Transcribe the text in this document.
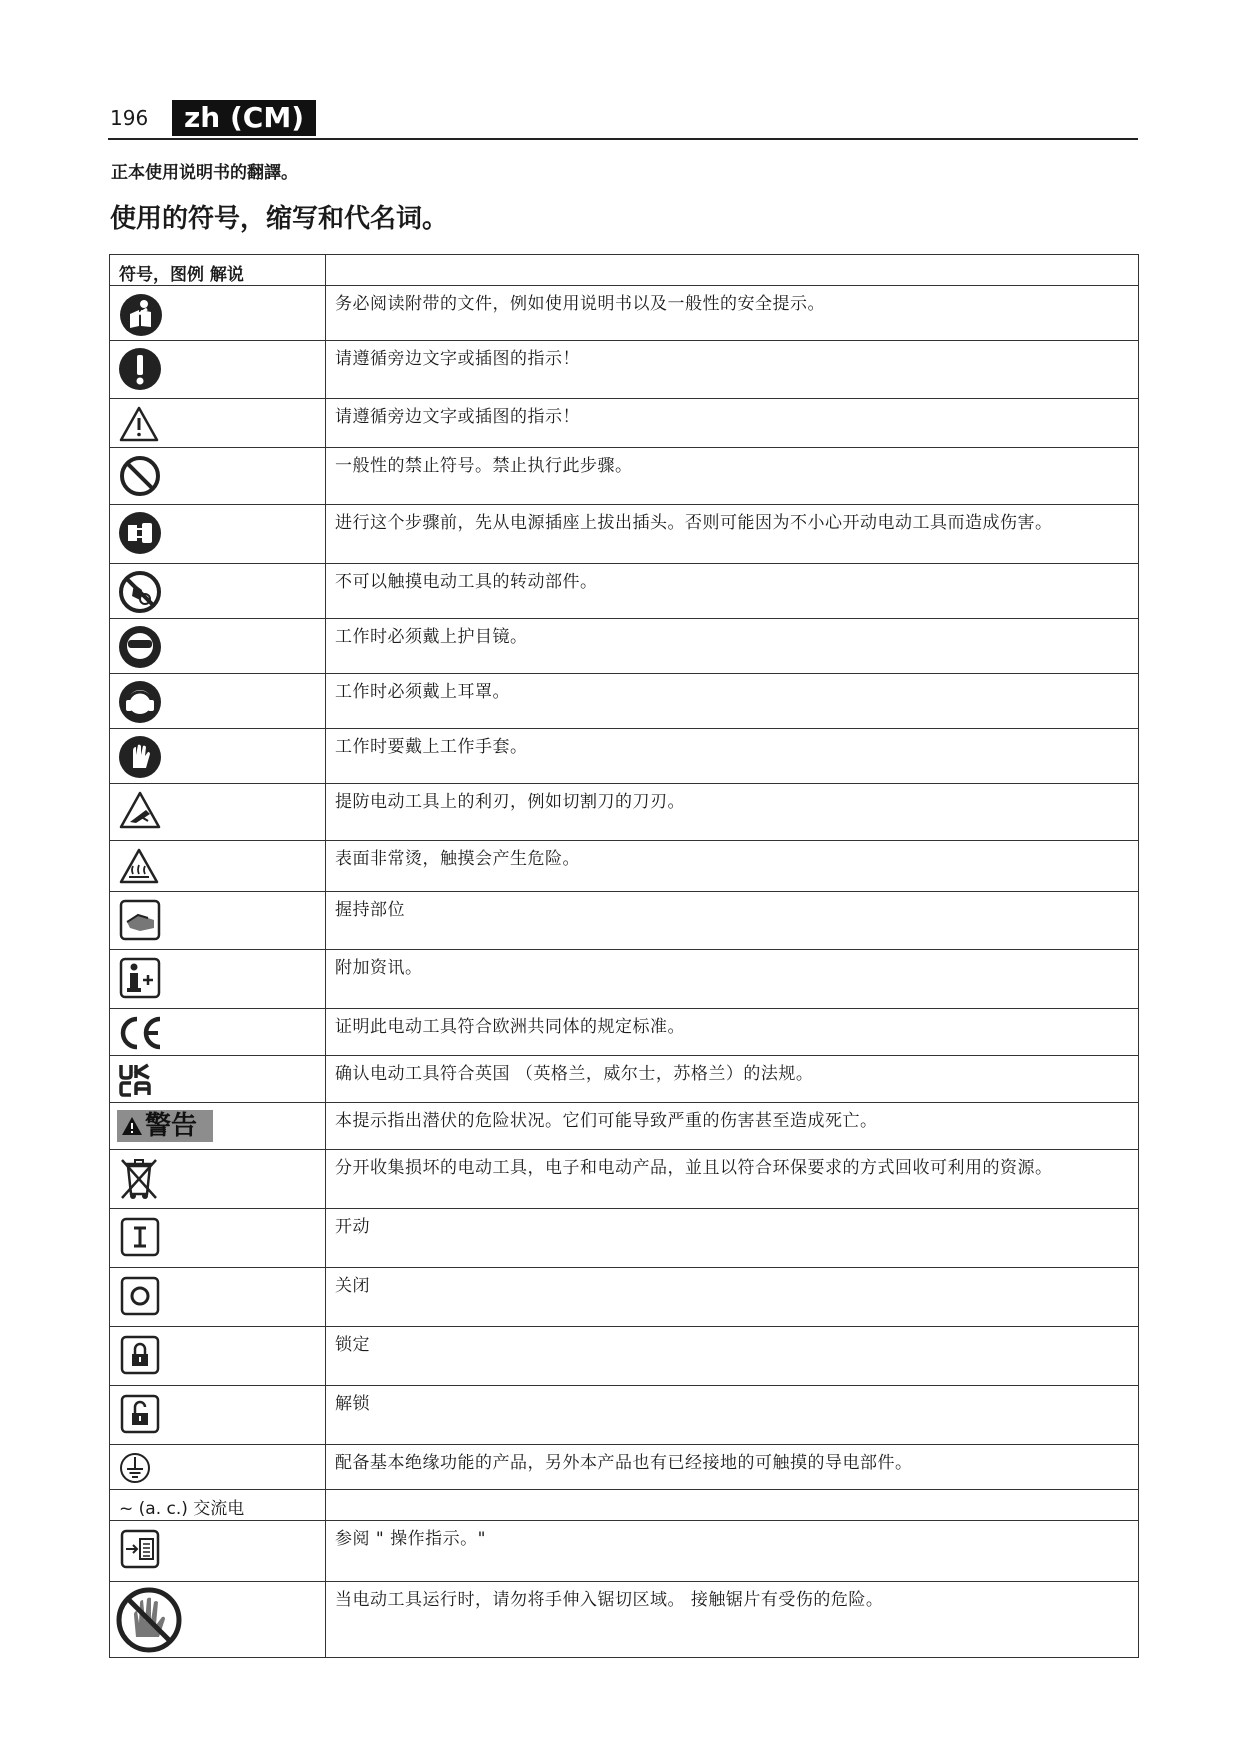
196	zh (CM)
正本使用说明书的翻譯。
使用的符号，缩写和代名词。
符号，图例 解说	

	务必阅读附带的文件，例如使用说明书以及一般性的安全提示。

	请遵循旁边文字或插图的指示！

	请遵循旁边文字或插图的指示！

	一般性的禁止符号。禁止执行此步骤。

	进行这个步骤前，先从电源插座上拔出插头。否则可能因为不小心开动电动工具而造成伤害。

	不可以触摸电动工具的转动部件。

	工作时必须戴上护目镜。

	工作时必须戴上耳罩。

	工作时要戴上工作手套。

	提防电动工具上的利刃，例如切割刀的刀刃。

	表面非常烫，触摸会产生危险。

	握持部位

	附加资讯。

	证明此电动工具符合欧洲共同体的规定标准。

	确认电动工具符合英国 （英格兰，威尔士，苏格兰）的法规。

警告	本提示指出潜伏的危险状况。它们可能导致严重的伤害甚至造成死亡。

	分开收集损坏的电动工具，电子和电动产品，並且以符合环保要求的方式回收可利用的资源。

	开动

	关闭

	锁定

	解锁

	配备基本绝缘功能的产品，另外本产品也有已经接地的可触摸的导电部件。
~ (a. c.) 交流电	

	参阅 " 操作指示。"

	当电动工具运行时，请勿将手伸入锯切区域。 接触锯片有受伤的危险。
